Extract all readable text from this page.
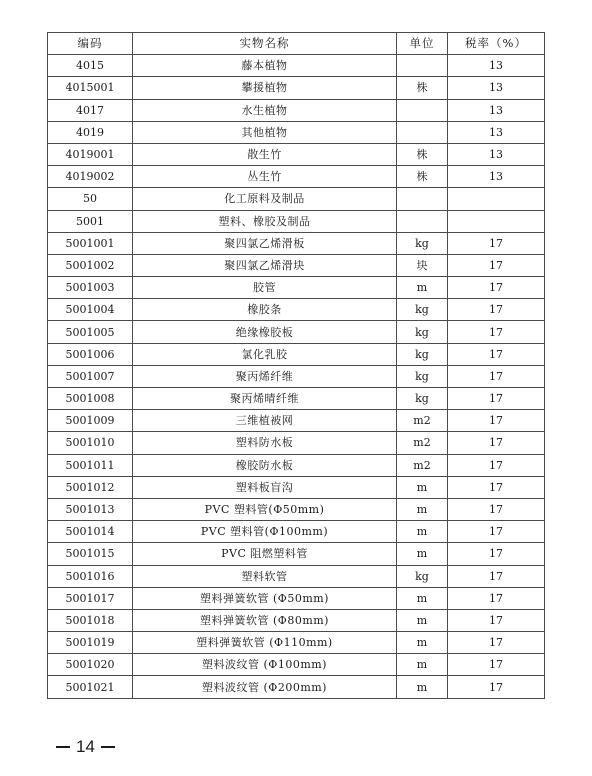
编码	实物名称	单位	税率（%）
4015	藤本植物		13
4015001	攀援植物	株	13
4017	水生植物		13
4019	其他植物		13
4019001	散生竹	株	13
4019002	丛生竹	株	13
50	化工原料及制品		
5001	塑料、橡胶及制品		
5001001	聚四氯乙烯滑板	kg	17
5001002	聚四氯乙烯滑块	块	17
5001003	胶管	m	17
5001004	橡胶条	kg	17
5001005	绝缘橡胶板	kg	17
5001006	氯化乳胶	kg	17
5001007	聚丙烯纤维	kg	17
5001008	聚丙烯晴纤维	kg	17
5001009	三维植被网	m2	17
5001010	塑料防水板	m2	17
5001011	橡胶防水板	m2	17
5001012	塑料板盲沟	m	17
5001013	PVC 塑料管(Φ50mm)	m	17
5001014	PVC 塑料管(Φ100mm)	m	17
5001015	PVC 阻燃塑料管	m	17
5001016	塑料软管	kg	17
5001017	塑料弹簧软管 (Φ50mm)	m	17
5001018	塑料弹簧软管 (Φ80mm)	m	17
5001019	塑料弹簧软管 (Φ110mm)	m	17
5001020	塑料波纹管 (Φ100mm)	m	17
5001021	塑料波纹管 (Φ200mm)	m	17
14
